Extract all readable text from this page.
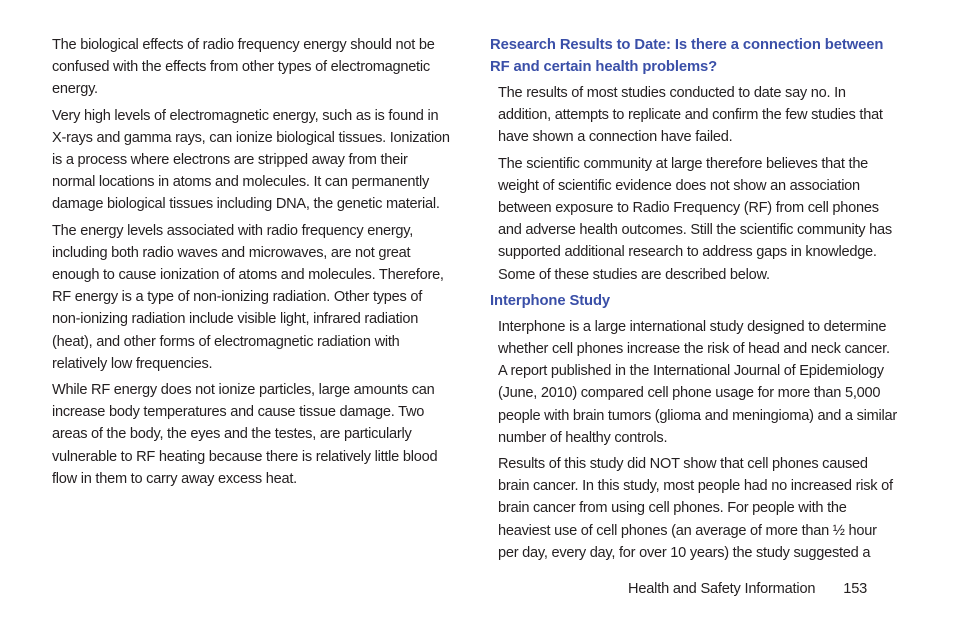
The biological effects of radio frequency energy should not be confused with the effects from other types of electromagnetic energy.

Very high levels of electromagnetic energy, such as is found in X-rays and gamma rays, can ionize biological tissues. Ionization is a process where electrons are stripped away from their normal locations in atoms and molecules. It can permanently damage biological tissues including DNA, the genetic material.

The energy levels associated with radio frequency energy, including both radio waves and microwaves, are not great enough to cause ionization of atoms and molecules. Therefore, RF energy is a type of non-ionizing radiation. Other types of non-ionizing radiation include visible light, infrared radiation (heat), and other forms of electromagnetic radiation with relatively low frequencies.

While RF energy does not ionize particles, large amounts can increase body temperatures and cause tissue damage. Two areas of the body, the eyes and the testes, are particularly vulnerable to RF heating because there is relatively little blood flow in them to carry away excess heat.

Research Results to Date: Is there a connection between RF and certain health problems?

The results of most studies conducted to date say no. In addition, attempts to replicate and confirm the few studies that have shown a connection have failed.

The scientific community at large therefore believes that the weight of scientific evidence does not show an association between exposure to Radio Frequency (RF) from cell phones and adverse health outcomes. Still the scientific community has supported additional research to address gaps in knowledge. Some of these studies are described below.

Interphone Study

Interphone is a large international study designed to determine whether cell phones increase the risk of head and neck cancer. A report published in the International Journal of Epidemiology (June, 2010) compared cell phone usage for more than 5,000 people with brain tumors (glioma and meningioma) and a similar number of healthy controls.

Results of this study did NOT show that cell phones caused brain cancer. In this study, most people had no increased risk of brain cancer from using cell phones. For people with the heaviest use of cell phones (an average of more than ½ hour per day, every day, for over 10 years) the study suggested a

Health and Safety Information 153
